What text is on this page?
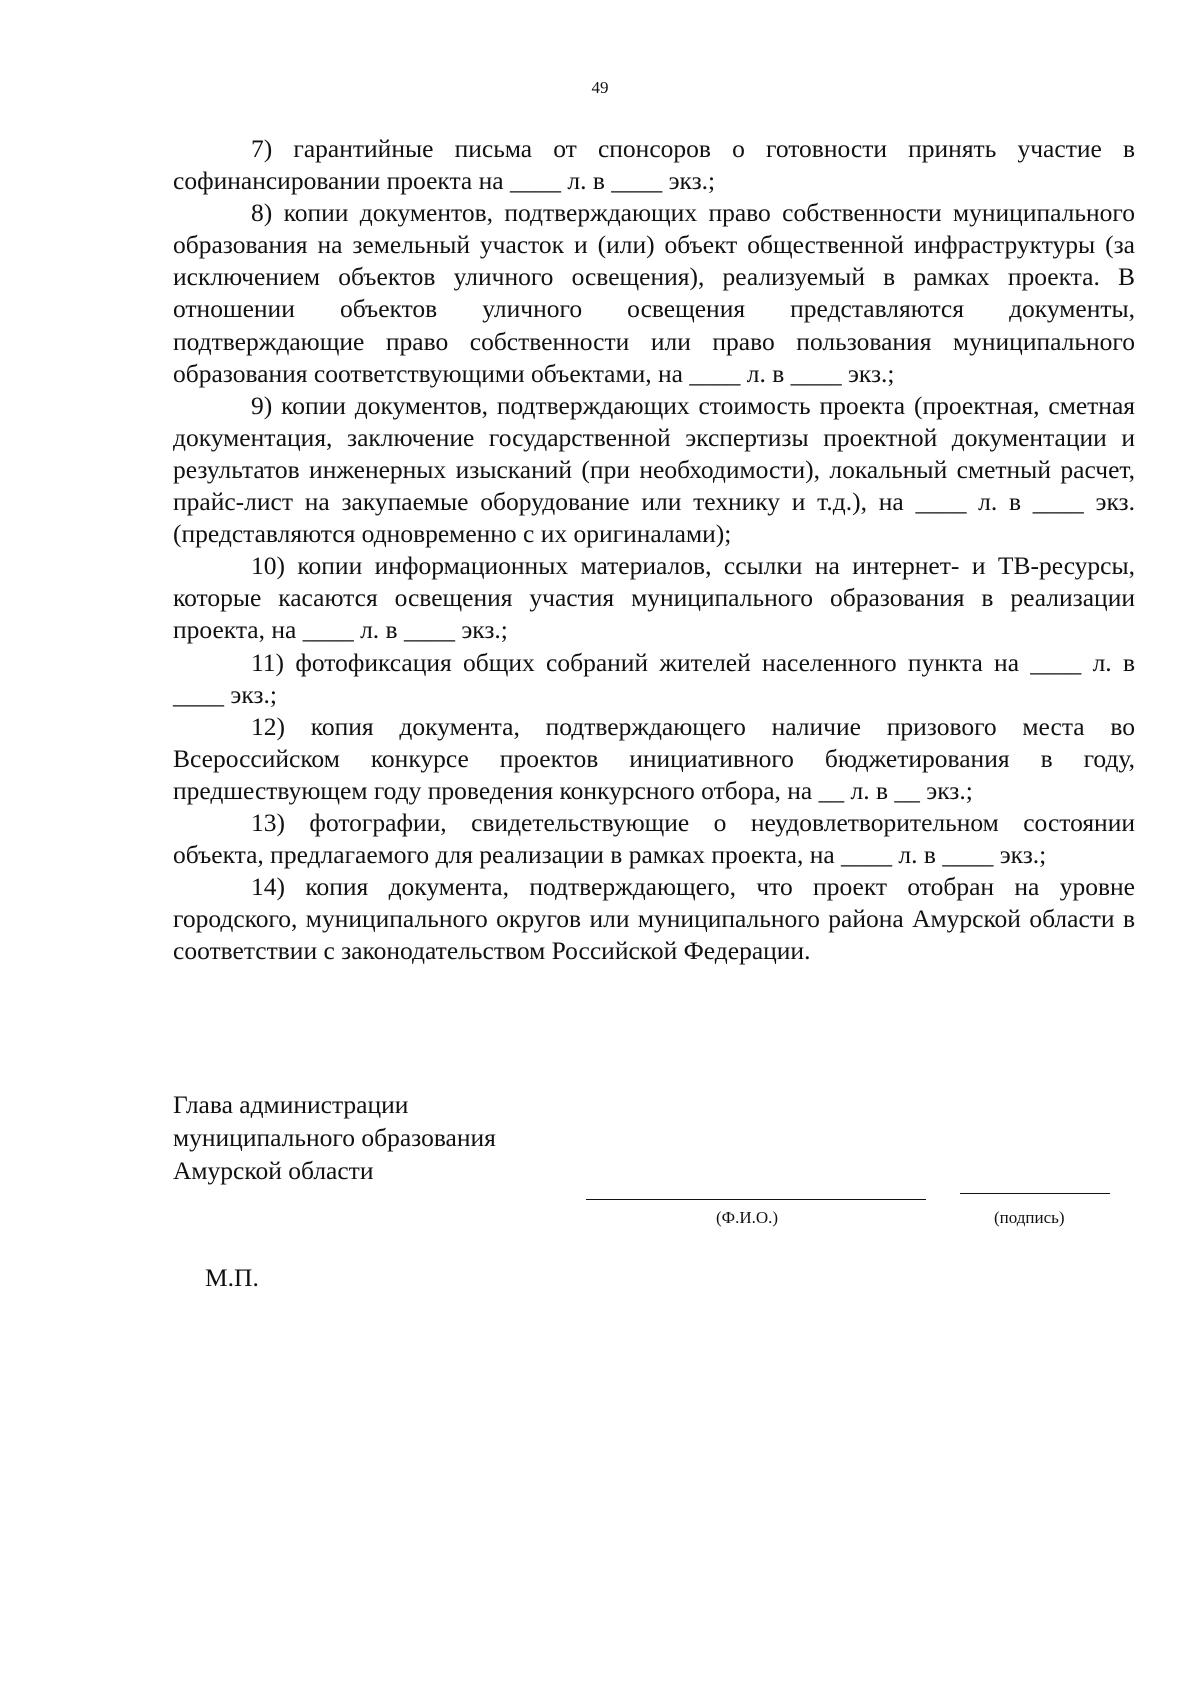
49

7) гарантийные письма от спонсоров о готовности принять участие в софинансировании проекта на ____ л. в ____ экз.;

8) копии документов, подтверждающих право собственности муниципального образования на земельный участок и (или) объект общественной инфраструктуры (за исключением объектов уличного освещения), реализуемый в рамках проекта. В отношении объектов уличного освещения представляются документы, подтверждающие право собственности или право пользования муниципального образования соответствующими объектами, на ____ л. в ____ экз.;

9) копии документов, подтверждающих стоимость проекта (проектная, сметная документация, заключение государственной экспертизы проектной документации и результатов инженерных изысканий (при необходимости), локальный сметный расчет, прайс-лист на закупаемые оборудование или технику и т.д.), на ____ л. в ____ экз. (представляются одновременно с их оригиналами);

10) копии информационных материалов, ссылки на интернет- и ТВ-ресурсы, которые касаются освещения участия муниципального образования в реализации проекта, на ____ л. в ____ экз.;

11) фотофиксация общих собраний жителей населенного пункта на ____ л. в ____ экз.;

12) копия документа, подтверждающего наличие призового места во Всероссийском конкурсе проектов инициативного бюджетирования в году, предшествующем году проведения конкурсного отбора, на __ л. в __ экз.;

13) фотографии, свидетельствующие о неудовлетворительном состоянии объекта, предлагаемого для реализации в рамках проекта, на ____ л. в ____ экз.;

14) копия документа, подтверждающего, что проект отобран на уровне городского, муниципального округов или муниципального района Амурской области в соответствии с законодательством Российской Федерации.

Глава администрации
муниципального образования
Амурской области
(Ф.И.О.)	(подпись)
М.П.
